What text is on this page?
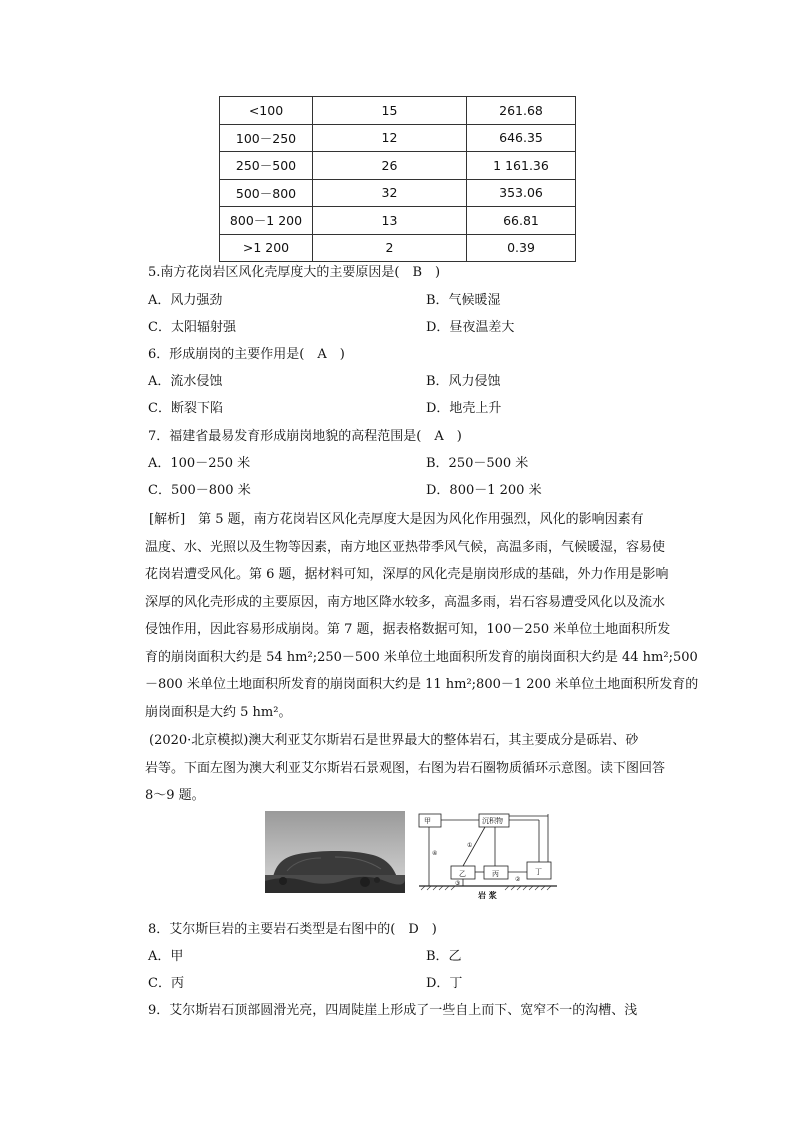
<100	15	261.68
100－250	12	646.35
250－500	26	1 161.36
500－800	32	353.06
800－1 200	13	66.81
>1 200	2	0.39
5.南方花岗岩区风化壳厚度大的主要原因是(　B　)
A．风力强劲	B．气候暖湿
C．太阳辐射强	D．昼夜温差大
6．形成崩岗的主要作用是(　A　)
A．流水侵蚀	B．风力侵蚀
C．断裂下陷	D．地壳上升
7．福建省最易发育形成崩岗地貌的高程范围是(　A　)
A．100－250 米	B．250－500 米
C．500－800 米	D．800－1 200 米
[解析]　第 5 题，南方花岗岩区风化壳厚度大是因为风化作用强烈，风化的影响因素有
温度、水、光照以及生物等因素，南方地区亚热带季风气候，高温多雨，气候暖湿，容易使
花岗岩遭受风化。第 6 题，据材料可知，深厚的风化壳是崩岗形成的基础，外力作用是影响
深厚的风化壳形成的主要原因，南方地区降水较多，高温多雨，岩石容易遭受风化以及流水
侵蚀作用，因此容易形成崩岗。第 7 题，据表格数据可知，100－250 米单位土地面积所发
育的崩岗面积大约是 54 hm²;250－500 米单位土地面积所发育的崩岗面积大约是 44 hm²;500
－800 米单位土地面积所发育的崩岗面积大约是 11 hm²;800－1 200 米单位土地面积所发育的
崩岗面积是大约 5 hm²。
(2020·北京模拟)澳大利亚艾尔斯岩石是世界最大的整体岩石，其主要成分是砾岩、砂
岩等。下面左图为澳大利亚艾尔斯岩石景观图，右图为岩石圈物质循环示意图。读下图回答
8～9 题。
甲	沉积物
乙	丙	丁
岩 浆
①
②
③
④
8．艾尔斯巨岩的主要岩石类型是右图中的(　D　)
A．甲	B．乙
C．丙	D．丁
9．艾尔斯岩石顶部圆滑光亮，四周陡崖上形成了一些自上而下、宽窄不一的沟槽、浅
